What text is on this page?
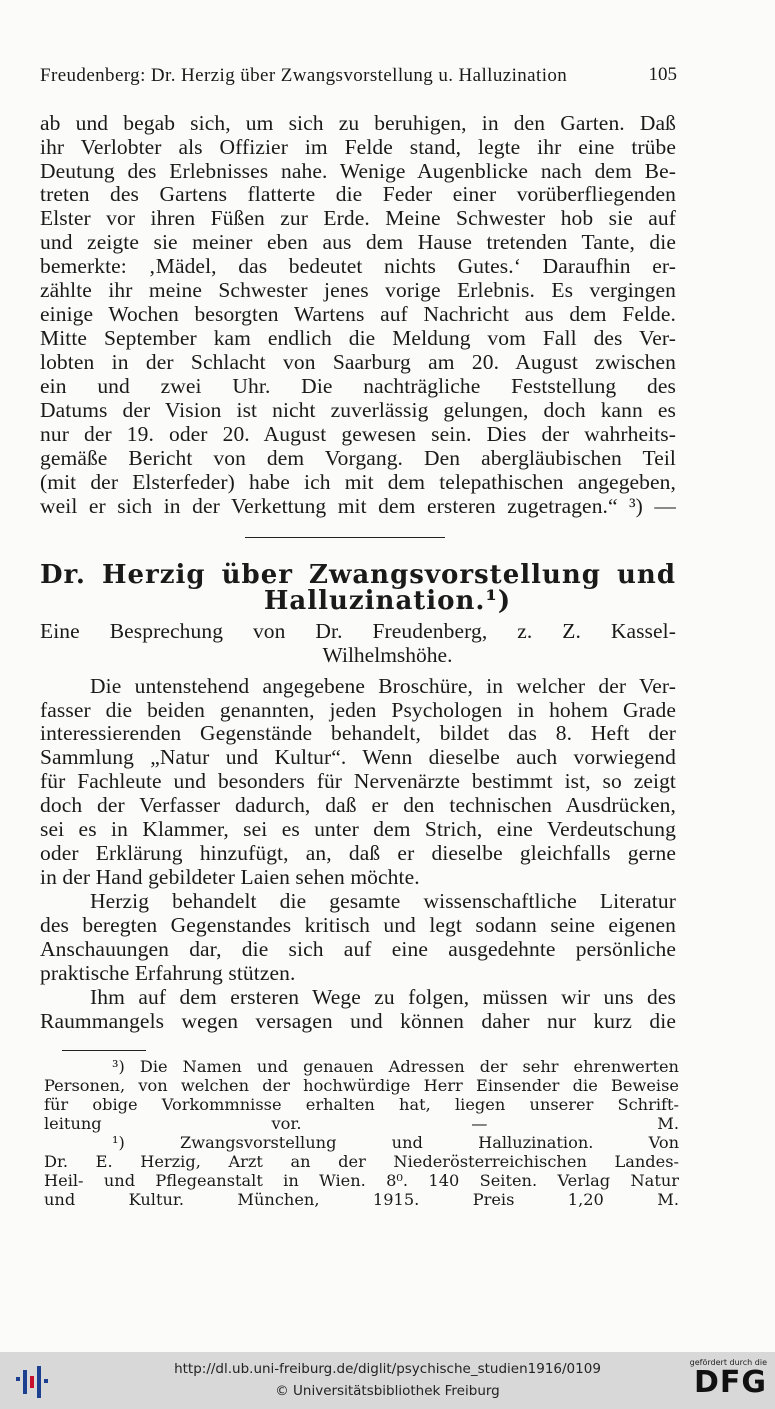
Freudenberg: Dr. Herzig über Zwangsvorstellung u. Halluzination	105
ab und begab sich, um sich zu beruhigen, in den Garten. Daß
ihr Verlobter als Offizier im Felde stand, legte ihr eine trübe
Deutung des Erlebnisses nahe. Wenige Augenblicke nach dem Be-
treten des Gartens flatterte die Feder einer vorüberfliegenden
Elster vor ihren Füßen zur Erde. Meine Schwester hob sie auf
und zeigte sie meiner eben aus dem Hause tretenden Tante, die
bemerkte: ‚Mädel, das bedeutet nichts Gutes.‘ Daraufhin er-
zählte ihr meine Schwester jenes vorige Erlebnis. Es vergingen
einige Wochen besorgten Wartens auf Nachricht aus dem Felde.
Mitte September kam endlich die Meldung vom Fall des Ver-
lobten in der Schlacht von Saarburg am 20. August zwischen
ein und zwei Uhr. Die nachträgliche Feststellung des
Datums der Vision ist nicht zuverlässig gelungen, doch kann es
nur der 19. oder 20. August gewesen sein. Dies der wahrheits-
gemäße Bericht von dem Vorgang. Den abergläubischen Teil
(mit der Elsterfeder) habe ich mit dem telepathischen angegeben,
weil er sich in der Verkettung mit dem ersteren zugetragen.“ ³) —
Dr. Herzig über Zwangsvorstellung und
Halluzination.¹)
Eine Besprechung von Dr. Freudenberg, z. Z. Kassel-
Wilhelmshöhe.
Die untenstehend angegebene Broschüre, in welcher der Ver-
fasser die beiden genannten, jeden Psychologen in hohem Grade
interessierenden Gegenstände behandelt, bildet das 8. Heft der
Sammlung „Natur und Kultur“. Wenn dieselbe auch vorwiegend
für Fachleute und besonders für Nervenärzte bestimmt ist, so zeigt
doch der Verfasser dadurch, daß er den technischen Ausdrücken,
sei es in Klammer, sei es unter dem Strich, eine Verdeutschung
oder Erklärung hinzufügt, an, daß er dieselbe gleichfalls gerne
in der Hand gebildeter Laien sehen möchte.
Herzig behandelt die gesamte wissenschaftliche Literatur
des beregten Gegenstandes kritisch und legt sodann seine eigenen
Anschauungen dar, die sich auf eine ausgedehnte persönliche
praktische Erfahrung stützen.
Ihm auf dem ersteren Wege zu folgen, müssen wir uns des
Raummangels wegen versagen und können daher nur kurz die
³) Die Namen und genauen Adressen der sehr ehrenwerten
Personen, von welchen der hochwürdige Herr Einsender die Beweise
für obige Vorkommnisse erhalten hat, liegen unserer Schrift-
leitung vor. — M.
¹) Zwangsvorstellung und Halluzination. Von
Dr. E. Herzig, Arzt an der Niederösterreichischen Landes-
Heil- und Pflegeanstalt in Wien. 8⁰. 140 Seiten. Verlag Natur
und Kultur. München, 1915. Preis 1,20 M.
http://dl.ub.uni-freiburg.de/diglit/psychische_studien1916/0109
© Universitätsbibliothek Freiburg
gefördert durch die
DFG
